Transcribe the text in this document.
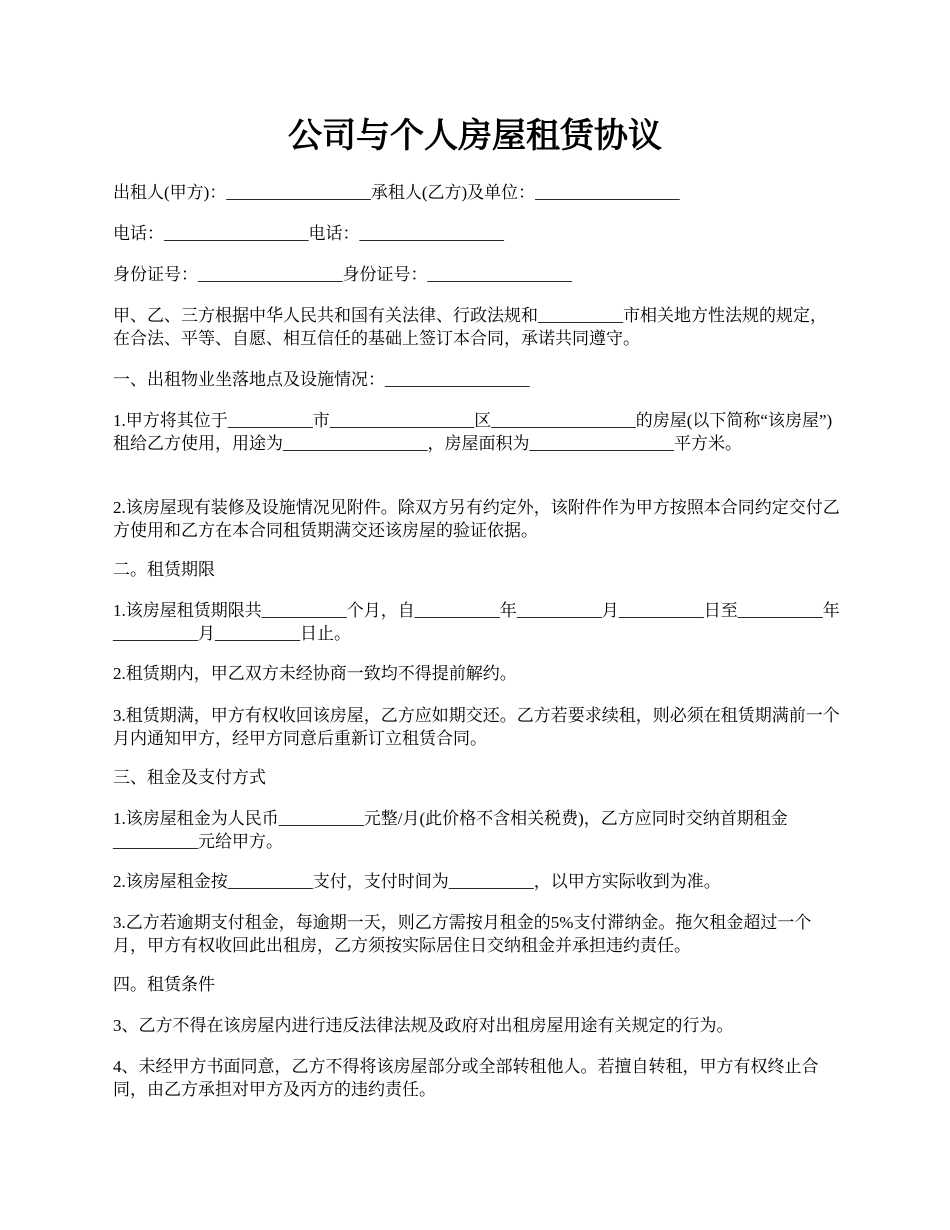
公司与个人房屋租赁协议
出租人(甲方)：_________________承租人(乙方)及单位：_________________
电话：_________________电话：_________________
身份证号：_________________身份证号：_________________
甲、乙、三方根据中华人民共和国有关法律、行政法规和__________市相关地方性法规的规定，在合法、平等、自愿、相互信任的基础上签订本合同，承诺共同遵守。
一、出租物业坐落地点及设施情况：_________________
1.甲方将其位于__________市_________________区_________________的房屋(以下简称“该房屋”)租给乙方使用，用途为_________________，房屋面积为_________________平方米。
2.该房屋现有装修及设施情况见附件。除双方另有约定外，该附件作为甲方按照本合同约定交付乙方使用和乙方在本合同租赁期满交还该房屋的验证依据。
二。租赁期限
1.该房屋租赁期限共__________个月，自__________年__________月__________日至__________年__________月__________日止。
2.租赁期内，甲乙双方未经协商一致均不得提前解约。
3.租赁期满，甲方有权收回该房屋，乙方应如期交还。乙方若要求续租，则必须在租赁期满前一个月内通知甲方，经甲方同意后重新订立租赁合同。
三、租金及支付方式
1.该房屋租金为人民币__________元整/月(此价格不含相关税费)，乙方应同时交纳首期租金__________元给甲方。
2.该房屋租金按__________支付，支付时间为__________，以甲方实际收到为准。
3.乙方若逾期支付租金，每逾期一天，则乙方需按月租金的5%支付滞纳金。拖欠租金超过一个月，甲方有权收回此出租房，乙方须按实际居住日交纳租金并承担违约责任。
四。租赁条件
3、乙方不得在该房屋内进行违反法律法规及政府对出租房屋用途有关规定的行为。
4、未经甲方书面同意，乙方不得将该房屋部分或全部转租他人。若擅自转租，甲方有权终止合同，由乙方承担对甲方及丙方的违约责任。
